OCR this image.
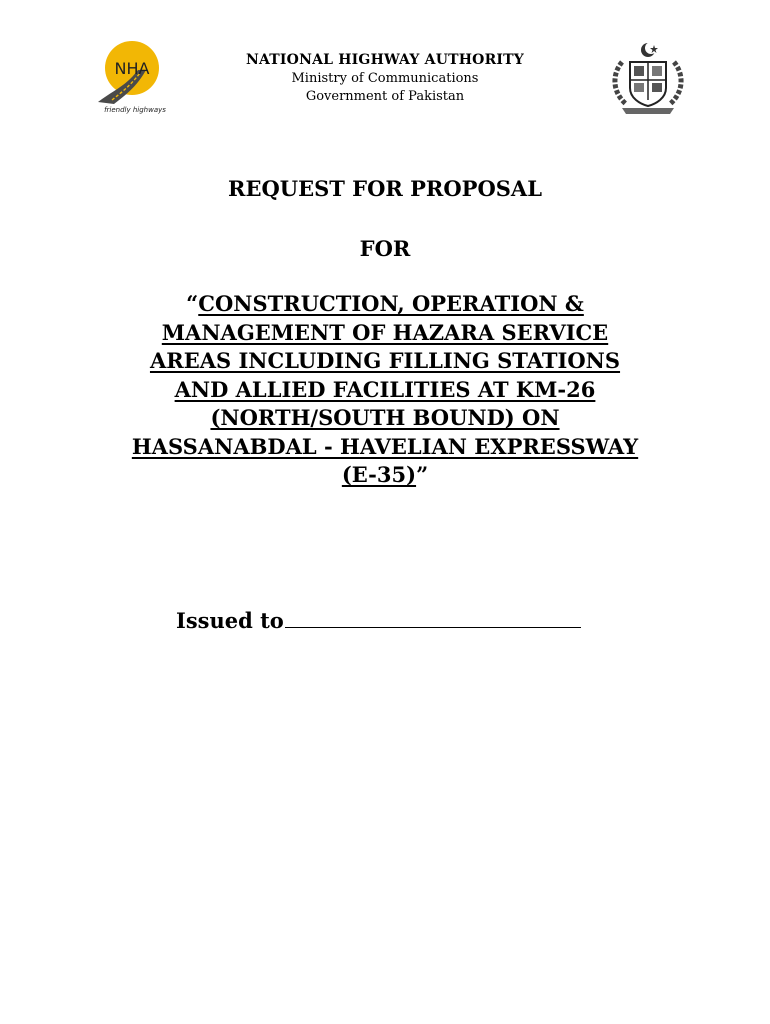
NHA
friendly highways
NATIONAL HIGHWAY AUTHORITY
Ministry of Communications
Government of Pakistan
REQUEST FOR PROPOSAL
FOR
“CONSTRUCTION, OPERATION &
MANAGEMENT OF HAZARA SERVICE
AREAS INCLUDING FILLING STATIONS
AND ALLIED FACILITIES AT KM-26
(NORTH/SOUTH BOUND) ON
HASSANABDAL - HAVELIAN EXPRESSWAY
(E-35)”
Issued to
